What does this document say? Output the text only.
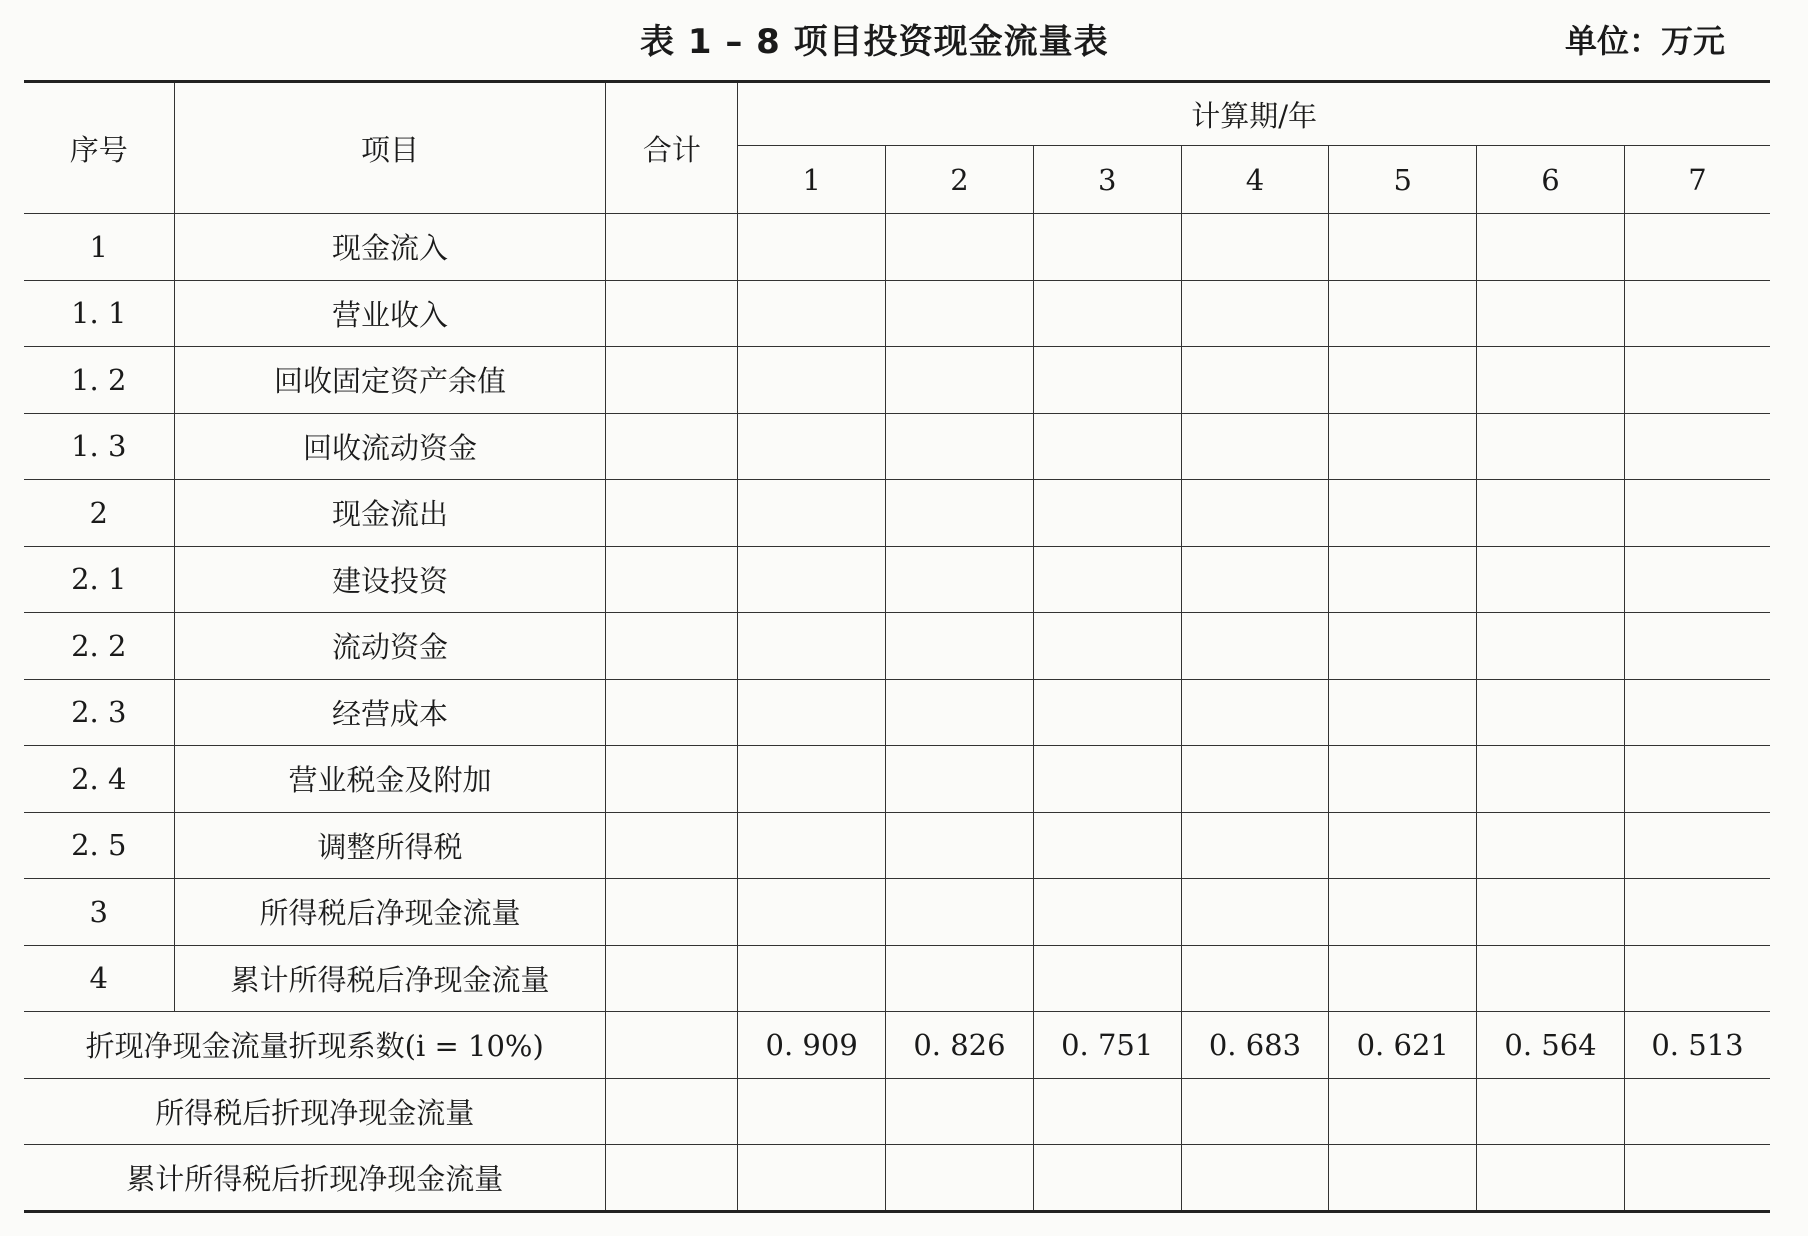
表 1 – 8 项目投资现金流量表	单位：万元
序号	项目	合计	计算期/年						
			1	2	3	4	5	6	7
1	现金流入								
1. 1	营业收入								
1. 2	回收固定资产余值								
1. 3	回收流动资金								
2	现金流出								
2. 1	建设投资								
2. 2	流动资金								
2. 3	经营成本								
2. 4	营业税金及附加								
2. 5	调整所得税								
3	所得税后净现金流量								
4	累计所得税后净现金流量								
折现净现金流量折现系数(i = 10%)			0. 909	0. 826	0. 751	0. 683	0. 621	0. 564	0. 513
所得税后折现净现金流量									
累计所得税后折现净现金流量									
